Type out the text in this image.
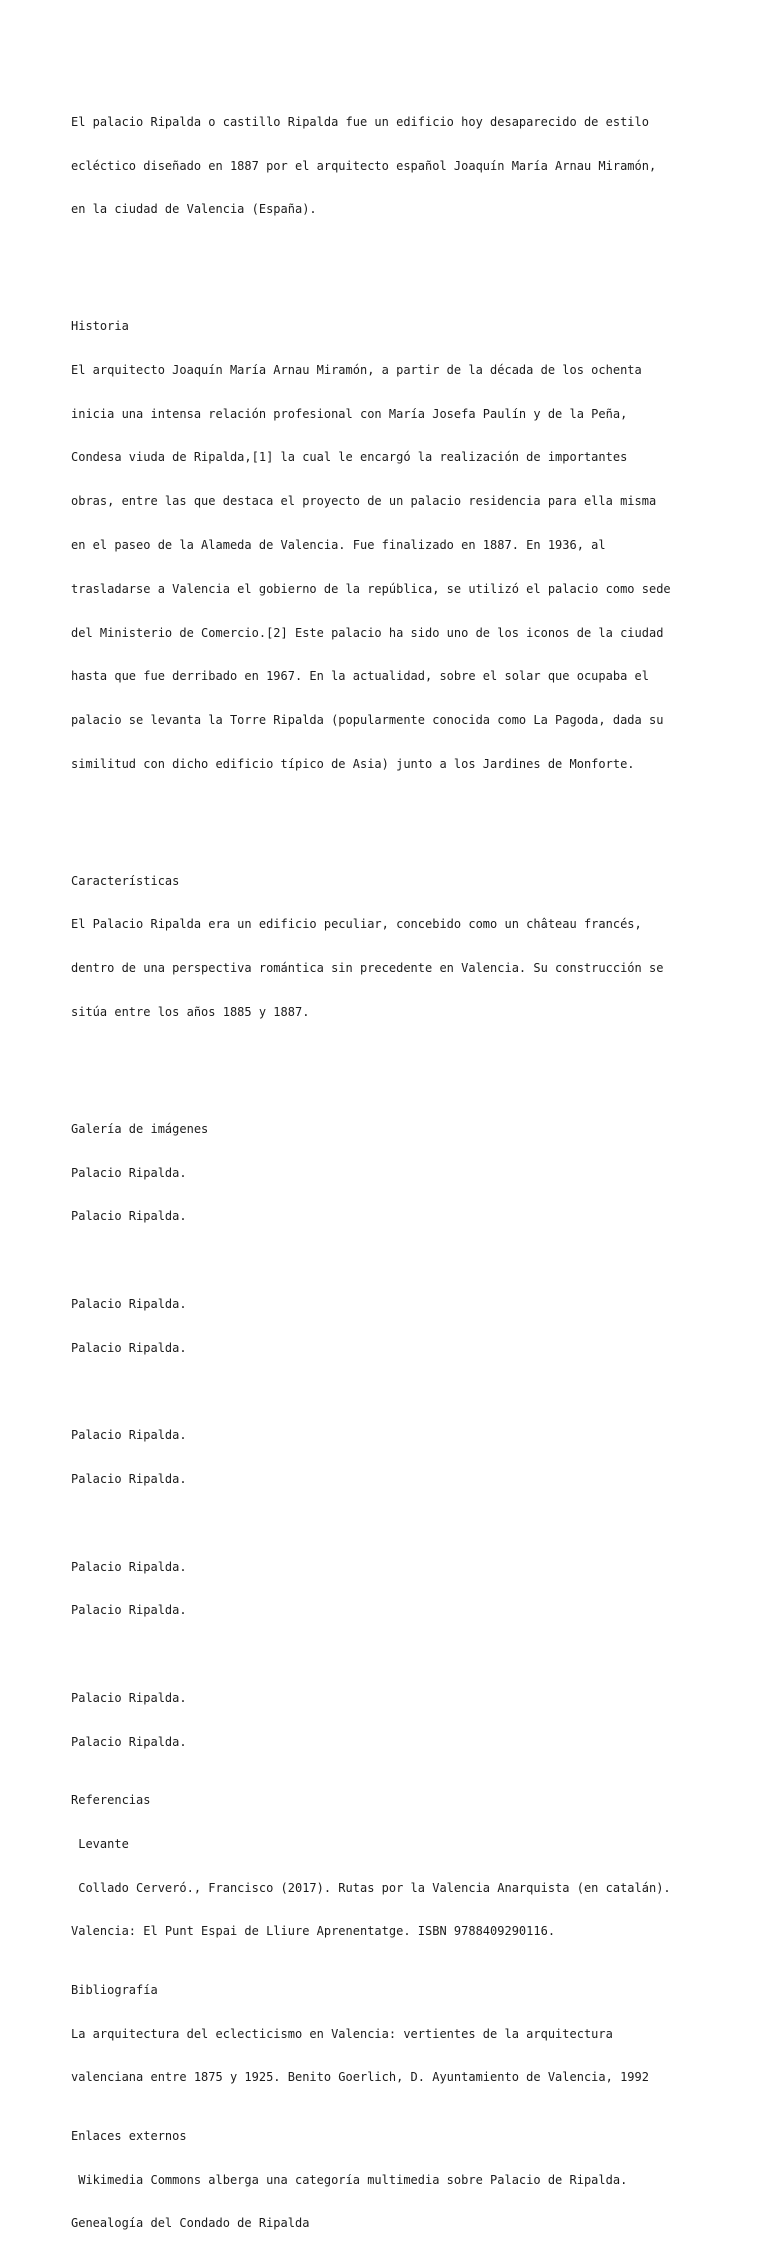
El palacio Ripalda o castillo Ripalda fue un edificio hoy desaparecido de estilo

ecléctico diseñado en 1887 por el arquitecto español Joaquín María Arnau Miramón,

en la ciudad de Valencia (España).

Historia

El arquitecto Joaquín María Arnau Miramón, a partir de la década de los ochenta

inicia una intensa relación profesional con María Josefa Paulín y de la Peña,

Condesa viuda de Ripalda,[1] la cual le encargó la realización de importantes

obras, entre las que destaca el proyecto de un palacio residencia para ella misma

en el paseo de la Alameda de Valencia. Fue finalizado en 1887. En 1936, al

trasladarse a Valencia el gobierno de la república, se utilizó el palacio como sede

del Ministerio de Comercio.[2] Este palacio ha sido uno de los iconos de la ciudad

hasta que fue derribado en 1967. En la actualidad, sobre el solar que ocupaba el

palacio se levanta la Torre Ripalda (popularmente conocida como La Pagoda, dada su

similitud con dicho edificio típico de Asia) junto a los Jardines de Monforte.

Características

El Palacio Ripalda era un edificio peculiar, concebido como un château francés,

dentro de una perspectiva romántica sin precedente en Valencia. Su construcción se

sitúa entre los años 1885 y 1887.

Galería de imágenes

Palacio Ripalda.

Palacio Ripalda.

Palacio Ripalda.

Palacio Ripalda.

Palacio Ripalda.

Palacio Ripalda.

Palacio Ripalda.

Palacio Ripalda.

Palacio Ripalda.

Palacio Ripalda.

Referencias

Levante

Collado Cerveró., Francisco (2017). Rutas por la Valencia Anarquista (en catalán).

Valencia: El Punt Espai de Lliure Aprenentatge. ISBN 9788409290116.

Bibliografía

La arquitectura del eclecticismo en Valencia: vertientes de la arquitectura

valenciana entre 1875 y 1925. Benito Goerlich, D. Ayuntamiento de Valencia, 1992

Enlaces externos

Wikimedia Commons alberga una categoría multimedia sobre Palacio de Ripalda.

Genealogía del Condado de Ripalda
